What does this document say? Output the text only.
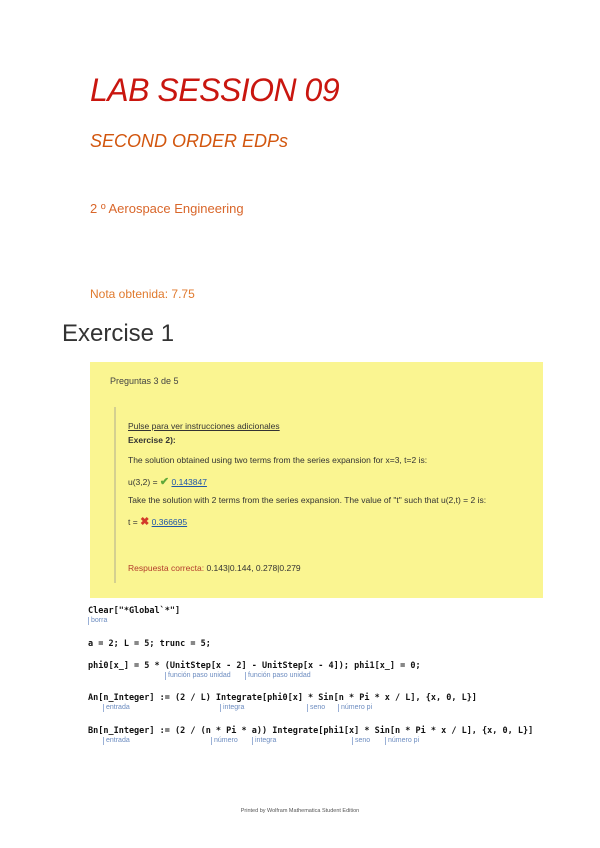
LAB SESSION 09
SECOND ORDER EDPs
2 º Aerospace Engineering
Nota obtenida: 7.75
Exercise 1
Preguntas 3 de 5
Pulse para ver instrucciones adicionales
Exercise 2):
The solution obtained using two terms from the series expansion for x=3, t=2 is:
u(3,2) = ✔ 0.143847
Take the solution with 2 terms from the series expansion. The value of "t" such that u(2,t) = 2 is:
t = ✖ 0.366695
Respuesta correcta: 0.143|0.144, 0.278|0.279
Clear["*Global`*"]
borra
a = 2; L = 5; trunc = 5;
phi0[x_] = 5 * (UnitStep[x - 2] - UnitStep[x - 4]); phi1[x_] = 0;
función paso unidad	función paso unidad
An[n_Integer] := (2 / L) Integrate[phi0[x] * Sin[n * Pi * x / L], {x, 0, L}]
entrada	integra	seno	número pi
Bn[n_Integer] := (2 / (n * Pi * a)) Integrate[phi1[x] * Sin[n * Pi * x / L], {x, 0, L}]
entrada	número	integra	seno	número pi
Printed by Wolfram Mathematica Student Edition
